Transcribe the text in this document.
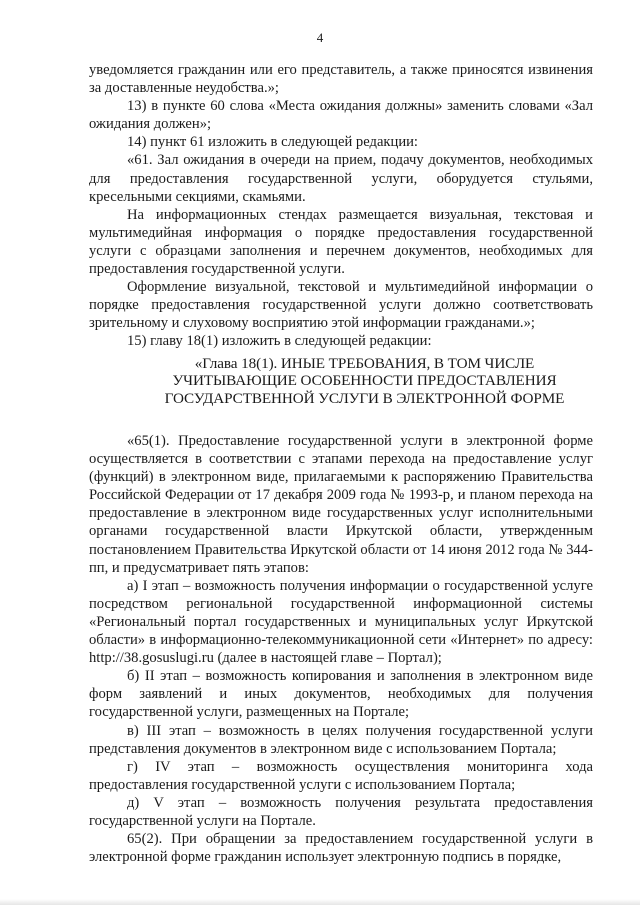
4
уведомляется гражданин или его представитель, а также приносятся извинения за доставленные неудобства.»;
13) в пункте 60 слова «Места ожидания должны» заменить словами «Зал ожидания должен»;
14) пункт 61 изложить в следующей редакции:
«61. Зал ожидания в очереди на прием, подачу документов, необходимых для предоставления государственной услуги, оборудуется стульями, кресельными секциями, скамьями.
На информационных стендах размещается визуальная, текстовая и мультимедийная информация о порядке предоставления государственной услуги с образцами заполнения и перечнем документов, необходимых для предоставления государственной услуги.
Оформление визуальной, текстовой и мультимедийной информации о порядке предоставления государственной услуги должно соответствовать зрительному и слуховому восприятию этой информации гражданами.»;
15) главу 18(1) изложить в следующей редакции:
«Глава 18(1). ИНЫЕ ТРЕБОВАНИЯ, В ТОМ ЧИСЛЕ
УЧИТЫВАЮЩИЕ ОСОБЕННОСТИ ПРЕДОСТАВЛЕНИЯ
ГОСУДАРСТВЕННОЙ УСЛУГИ В ЭЛЕКТРОННОЙ ФОРМЕ
«65(1). Предоставление государственной услуги в электронной форме осуществляется в соответствии с этапами перехода на предоставление услуг (функций) в электронном виде, прилагаемыми к распоряжению Правительства Российской Федерации от 17 декабря 2009 года № 1993-р, и планом перехода на предоставление в электронном виде государственных услуг исполнительными органами государственной власти Иркутской области, утвержденным постановлением Правительства Иркутской области от 14 июня 2012 года № 344-пп, и предусматривает пять этапов:
а) I этап – возможность получения информации о государственной услуге посредством региональной государственной информационной системы «Региональный портал государственных и муниципальных услуг Иркутской области» в информационно-телекоммуникационной сети «Интернет» по адресу: http://38.gosuslugi.ru (далее в настоящей главе – Портал);
б) II этап – возможность копирования и заполнения в электронном виде форм заявлений и иных документов, необходимых для получения государственной услуги, размещенных на Портале;
в) III этап – возможность в целях получения государственной услуги представления документов в электронном виде с использованием Портала;
г) IV этап – возможность осуществления мониторинга хода предоставления государственной услуги с использованием Портала;
д) V этап – возможность получения результата предоставления государственной услуги на Портале.
65(2). При обращении за предоставлением государственной услуги в электронной форме гражданин использует электронную подпись в порядке,
